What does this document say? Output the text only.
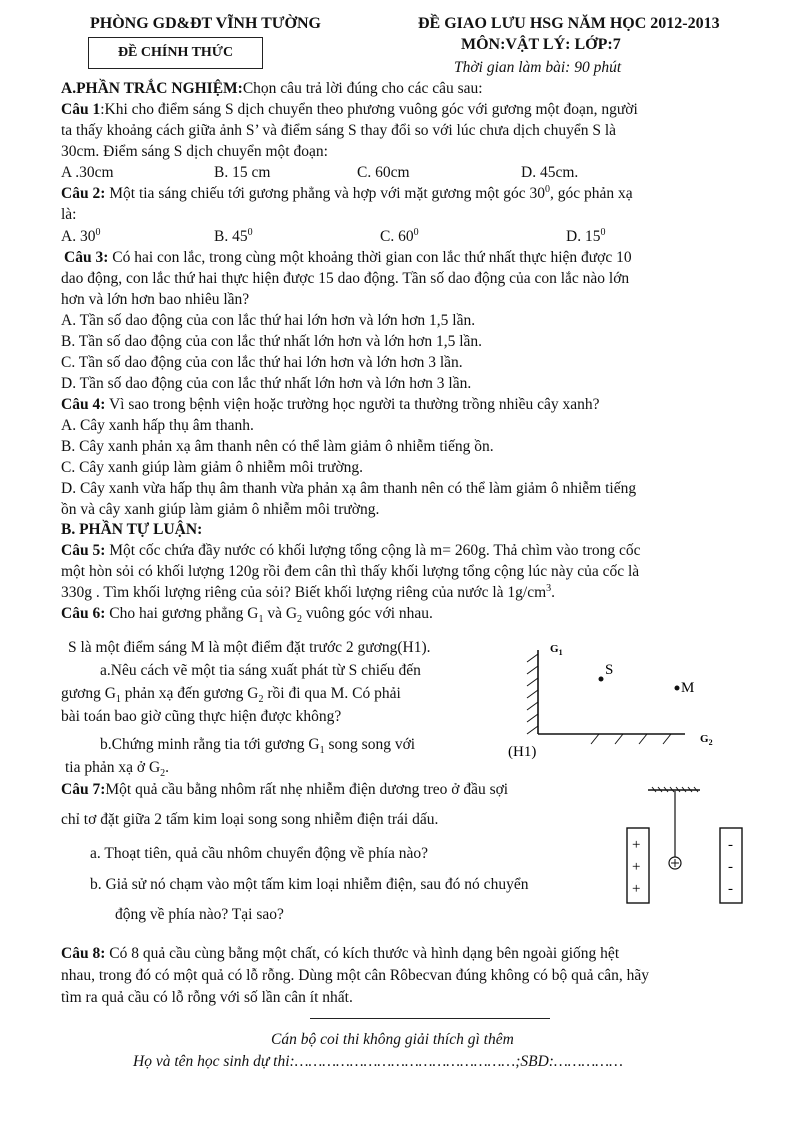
PHÒNG GD&ĐT VĨNH TƯỜNG
ĐỀ CHÍNH THỨC
ĐỀ GIAO LƯU HSG NĂM HỌC 2012-2013
MÔN:VẬT LÝ: LỚP:7
Thời gian làm bài: 90 phút
A.PHẦN TRẮC NGHIỆM:Chọn câu trả lời đúng cho các câu sau:
Câu 1:Khi cho điểm sáng S dịch chuyển theo phương vuông góc với gương một đoạn, người
ta thấy khoảng cách giữa ảnh S’ và điểm sáng S thay đổi so với lúc chưa dịch chuyển S là
30cm. Điểm sáng S dịch chuyển một đoạn:
A .30cm	B. 15 cm	C. 60cm	D. 45cm.
Câu 2: Một tia sáng chiếu tới gương phẳng và hợp với mặt gương một góc $30^0$, góc phản xạ
là:
A. $30^0$	B. $45^0$	C. $60^0$	D. $15^0$
Câu 3: Có hai con lắc, trong cùng một khoảng thời gian con lắc thứ nhất thực hiện được 10
dao động, con lắc thứ hai thực hiện được 15 dao động. Tần số dao động của con lắc nào lớn
hơn và lớn hơn bao nhiêu lần?
A. Tần số dao động của con lắc thứ hai lớn hơn và lớn hơn 1,5 lần.
B. Tần số dao động của con lắc thứ nhất lớn hơn và lớn hơn 1,5 lần.
C. Tần số dao động của con lắc thứ hai lớn hơn và lớn hơn 3 lần.
D. Tần số dao động của con lắc thứ nhất lớn hơn và lớn hơn 3 lần.
Câu 4: Vì sao trong bệnh viện hoặc trường học người ta thường trồng nhiều cây xanh?
A. Cây xanh hấp thụ âm thanh.
B. Cây xanh phản xạ âm thanh nên có thể làm giảm ô nhiễm tiếng ồn.
C. Cây xanh giúp làm giảm ô nhiễm môi trường.
D. Cây xanh vừa hấp thụ âm thanh vừa phản xạ âm thanh nên có thể làm giảm ô nhiễm tiếng
ồn và cây xanh giúp làm giảm ô nhiễm môi trường.
B. PHẦN TỰ LUẬN:
Câu 5: Một cốc chứa đầy nước có khối lượng tổng cộng là m= 260g. Thả chìm vào trong cốc
một hòn sỏi có khối lượng 120g rồi đem cân thì thấy khối lượng tổng cộng lúc này của cốc là
330g . Tìm khối lượng riêng của sỏi? Biết khối lượng riêng của nước là $1g/cm^3$.
Câu 6: Cho hai gương phẳng $G_1$ và $G_2$ vuông góc với nhau.
S là một điểm sáng M là một điểm đặt trước 2 gương(H1).
a.Nêu cách vẽ một tia sáng xuất phát từ S chiếu đến
gương $G_1$ phản xạ đến gương $G_2$ rồi đi qua M. Có phải
bài toán bao giờ cũng thực hiện được không?
b.Chứng minh rằng tia tới gương $G_1$ song song với
tia phản xạ ở $G_2$.
$G_1$
$G_2$
S
M
(H1)
Câu 7:Một quả cầu bằng nhôm rất nhẹ nhiễm điện dương treo ở đầu sợi
chỉ tơ đặt giữa 2 tấm kim loại song song nhiễm điện trái dấu.
a. Thoạt tiên, quả cầu nhôm chuyển động về phía nào?
b. Giả sử nó chạm vào một tấm kim loại nhiễm điện, sau đó nó chuyển
động về phía nào? Tại sao?
+
+
+
-
-
-
Câu 8: Có 8 quả cầu cùng bằng một chất, có kích thước và hình dạng bên ngoài giống hệt
nhau, trong đó có một quả có lỗ rỗng. Dùng một cân Rôbecvan đúng không có bộ quả cân, hãy
tìm ra quả cầu có lỗ rỗng với số lần cân ít nhất.
Cán bộ coi thi không giải thích gì thêm
Họ và tên học sinh dự thi:…………………………………………;SBD:……………
